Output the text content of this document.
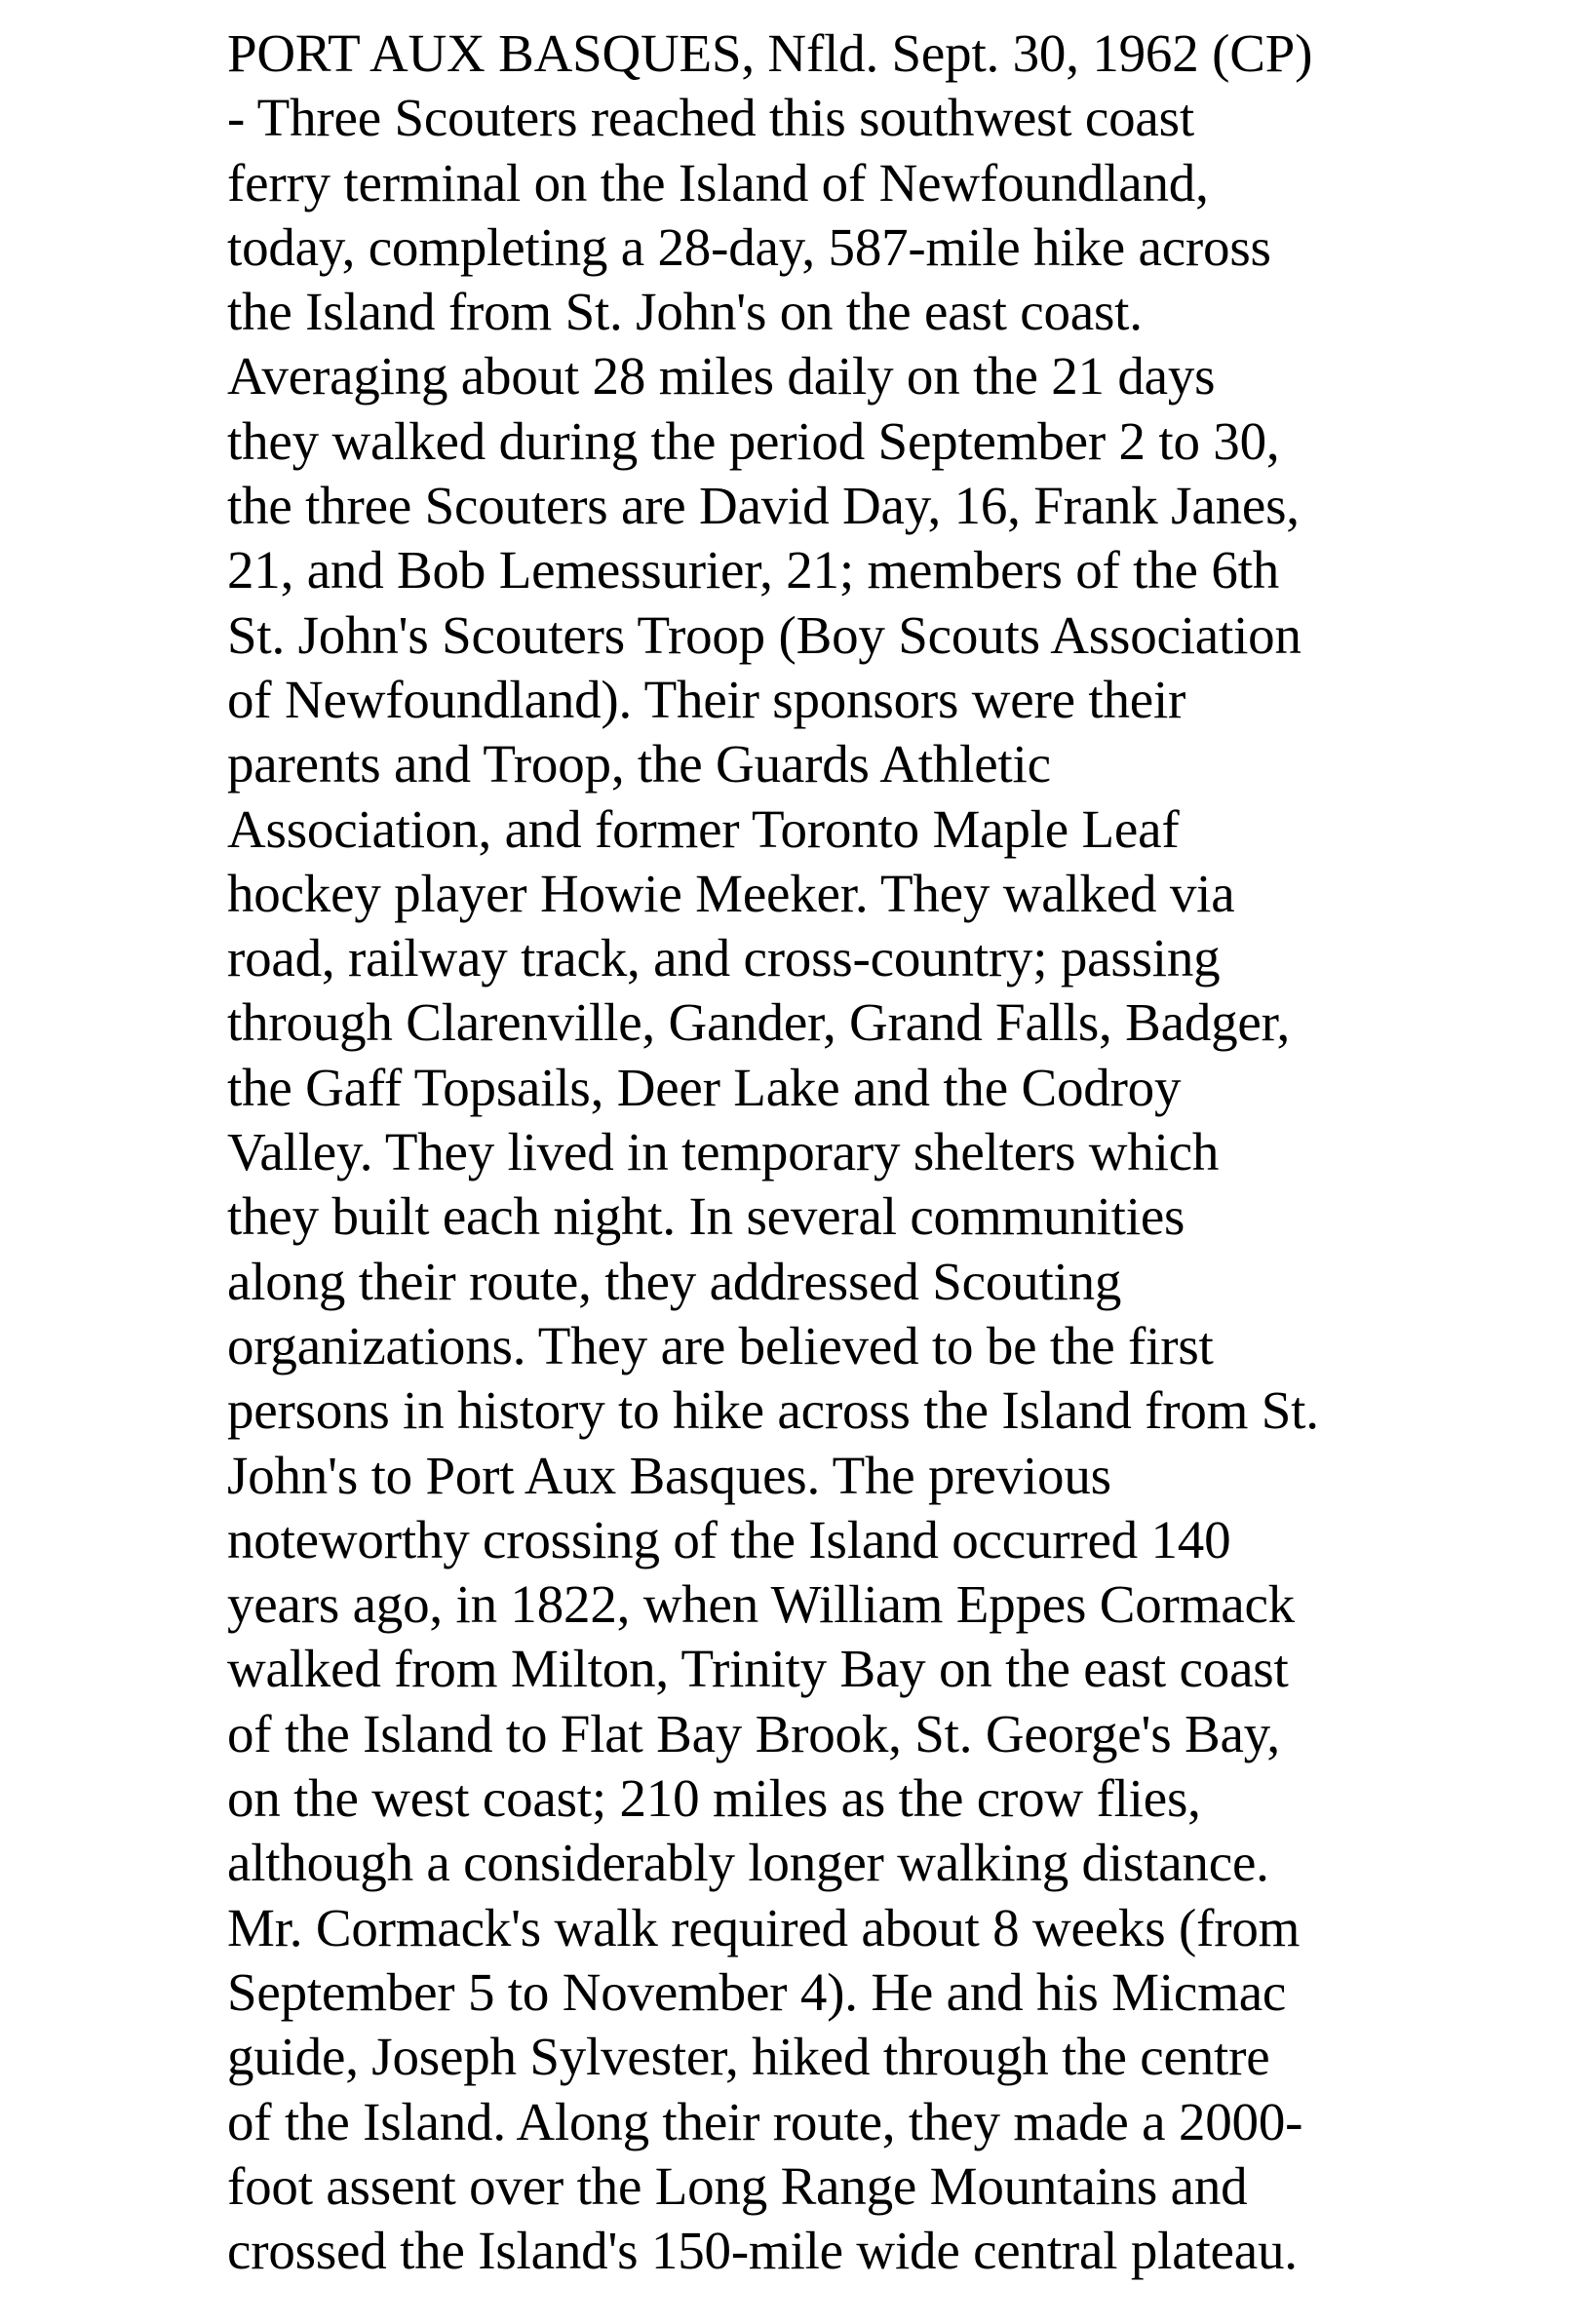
PORT AUX BASQUES, Nfld. Sept. 30, 1962 (CP)
- Three Scouters reached this southwest coast
ferry terminal on the Island of Newfoundland,
today, completing a 28-day, 587-mile hike across
the Island from St. John's on the east coast.
Averaging about 28 miles daily on the 21 days
they walked during the period September 2 to 30,
the three Scouters are David Day, 16, Frank Janes,
21, and Bob Lemessurier, 21; members of the 6th
St. John's Scouters Troop (Boy Scouts Association
of Newfoundland). Their sponsors were their
parents and Troop, the Guards Athletic
Association, and former Toronto Maple Leaf
hockey player Howie Meeker. They walked via
road, railway track, and cross-country; passing
through Clarenville, Gander, Grand Falls, Badger,
the Gaff Topsails, Deer Lake and the Codroy
Valley. They lived in temporary shelters which
they built each night. In several communities
along their route, they addressed Scouting
organizations. They are believed to be the first
persons in history to hike across the Island from St.
John's to Port Aux Basques. The previous
noteworthy crossing of the Island occurred 140
years ago, in 1822, when William Eppes Cormack
walked from Milton, Trinity Bay on the east coast
of the Island to Flat Bay Brook, St. George's Bay,
on the west coast; 210 miles as the crow flies,
although a considerably longer walking distance.
Mr. Cormack's walk required about 8 weeks (from
September 5 to November 4). He and his Micmac
guide, Joseph Sylvester, hiked through the centre
of the Island. Along their route, they made a 2000-
foot assent over the Long Range Mountains and
crossed the Island's 150-mile wide central plateau.
